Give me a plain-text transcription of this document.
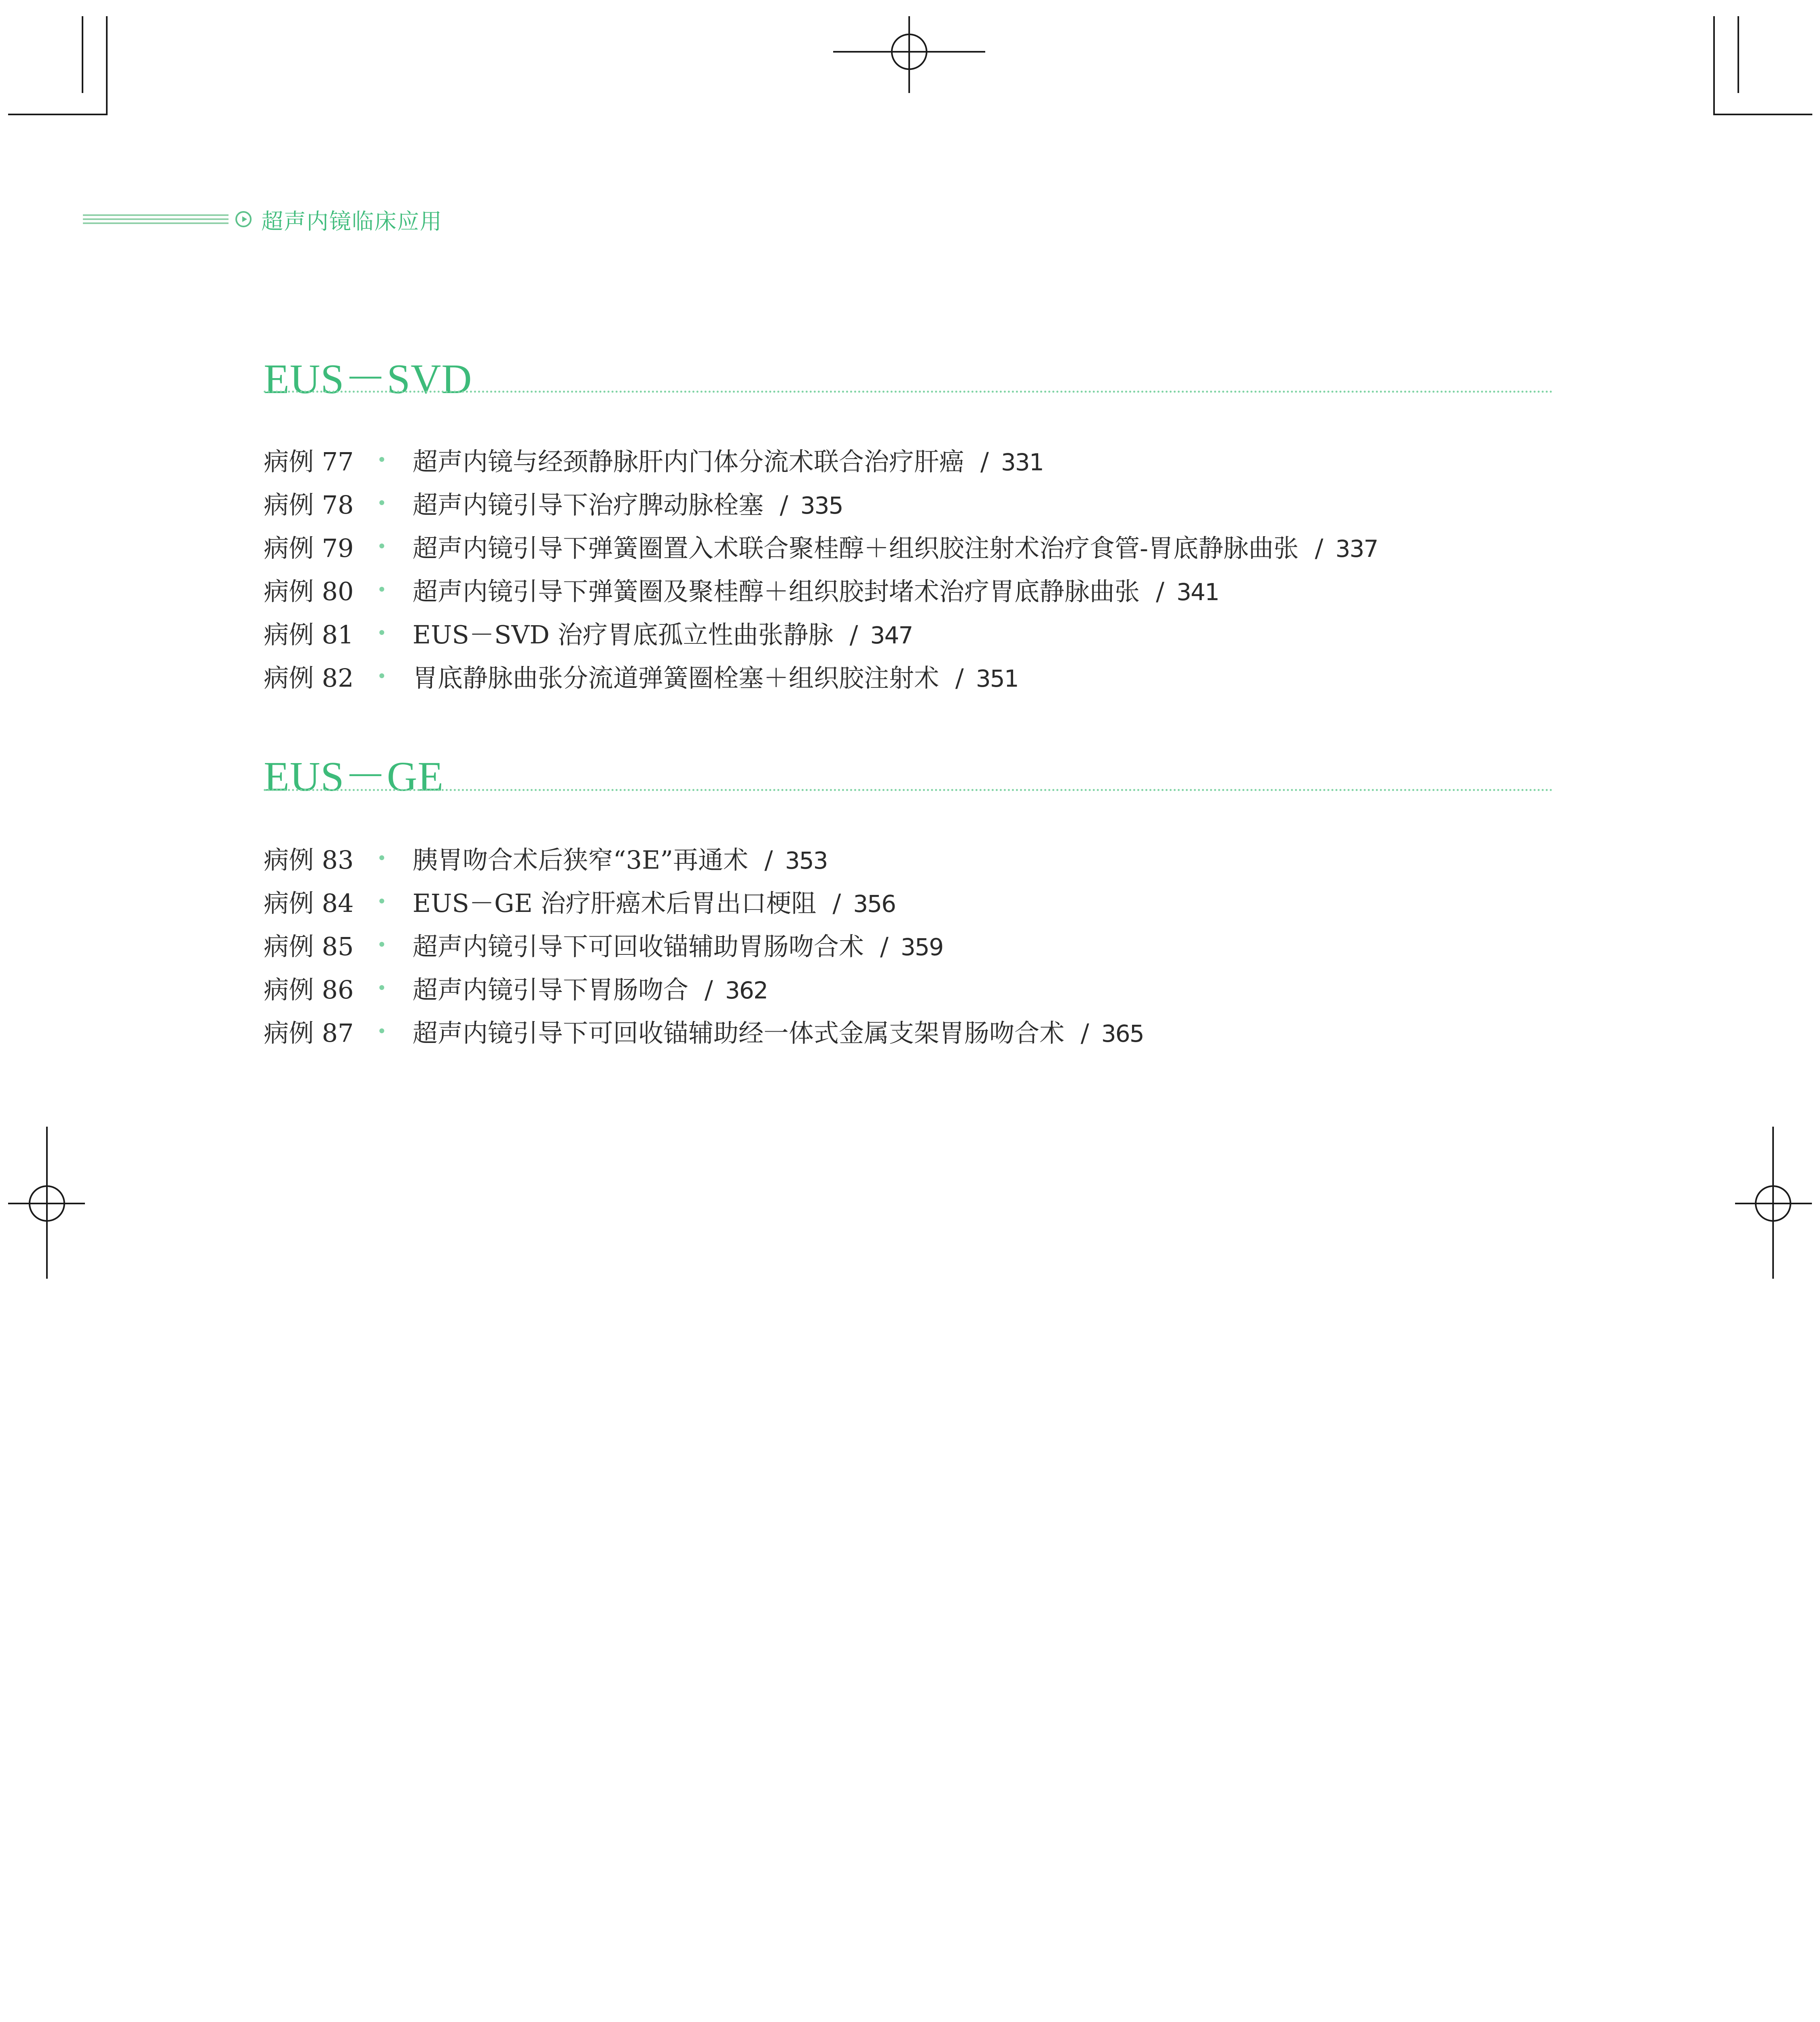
超声内镜临床应用
EUS－SVD
病例 77 超声内镜与经颈静脉肝内门体分流术联合治疗肝癌 / 331
病例 78 超声内镜引导下治疗脾动脉栓塞 / 335
病例 79 超声内镜引导下弹簧圈置入术联合聚桂醇＋组织胶注射术治疗食管-胃底静脉曲张 / 337
病例 80 超声内镜引导下弹簧圈及聚桂醇＋组织胶封堵术治疗胃底静脉曲张 / 341
病例 81 EUS－SVD 治疗胃底孤立性曲张静脉 / 347
病例 82 胃底静脉曲张分流道弹簧圈栓塞＋组织胶注射术 / 351
EUS－GE
病例 83 胰胃吻合术后狭窄“3E”再通术 / 353
病例 84 EUS－GE 治疗肝癌术后胃出口梗阻 / 356
病例 85 超声内镜引导下可回收锚辅助胃肠吻合术 / 359
病例 86 超声内镜引导下胃肠吻合 / 362
病例 87 超声内镜引导下可回收锚辅助经一体式金属支架胃肠吻合术 / 365
